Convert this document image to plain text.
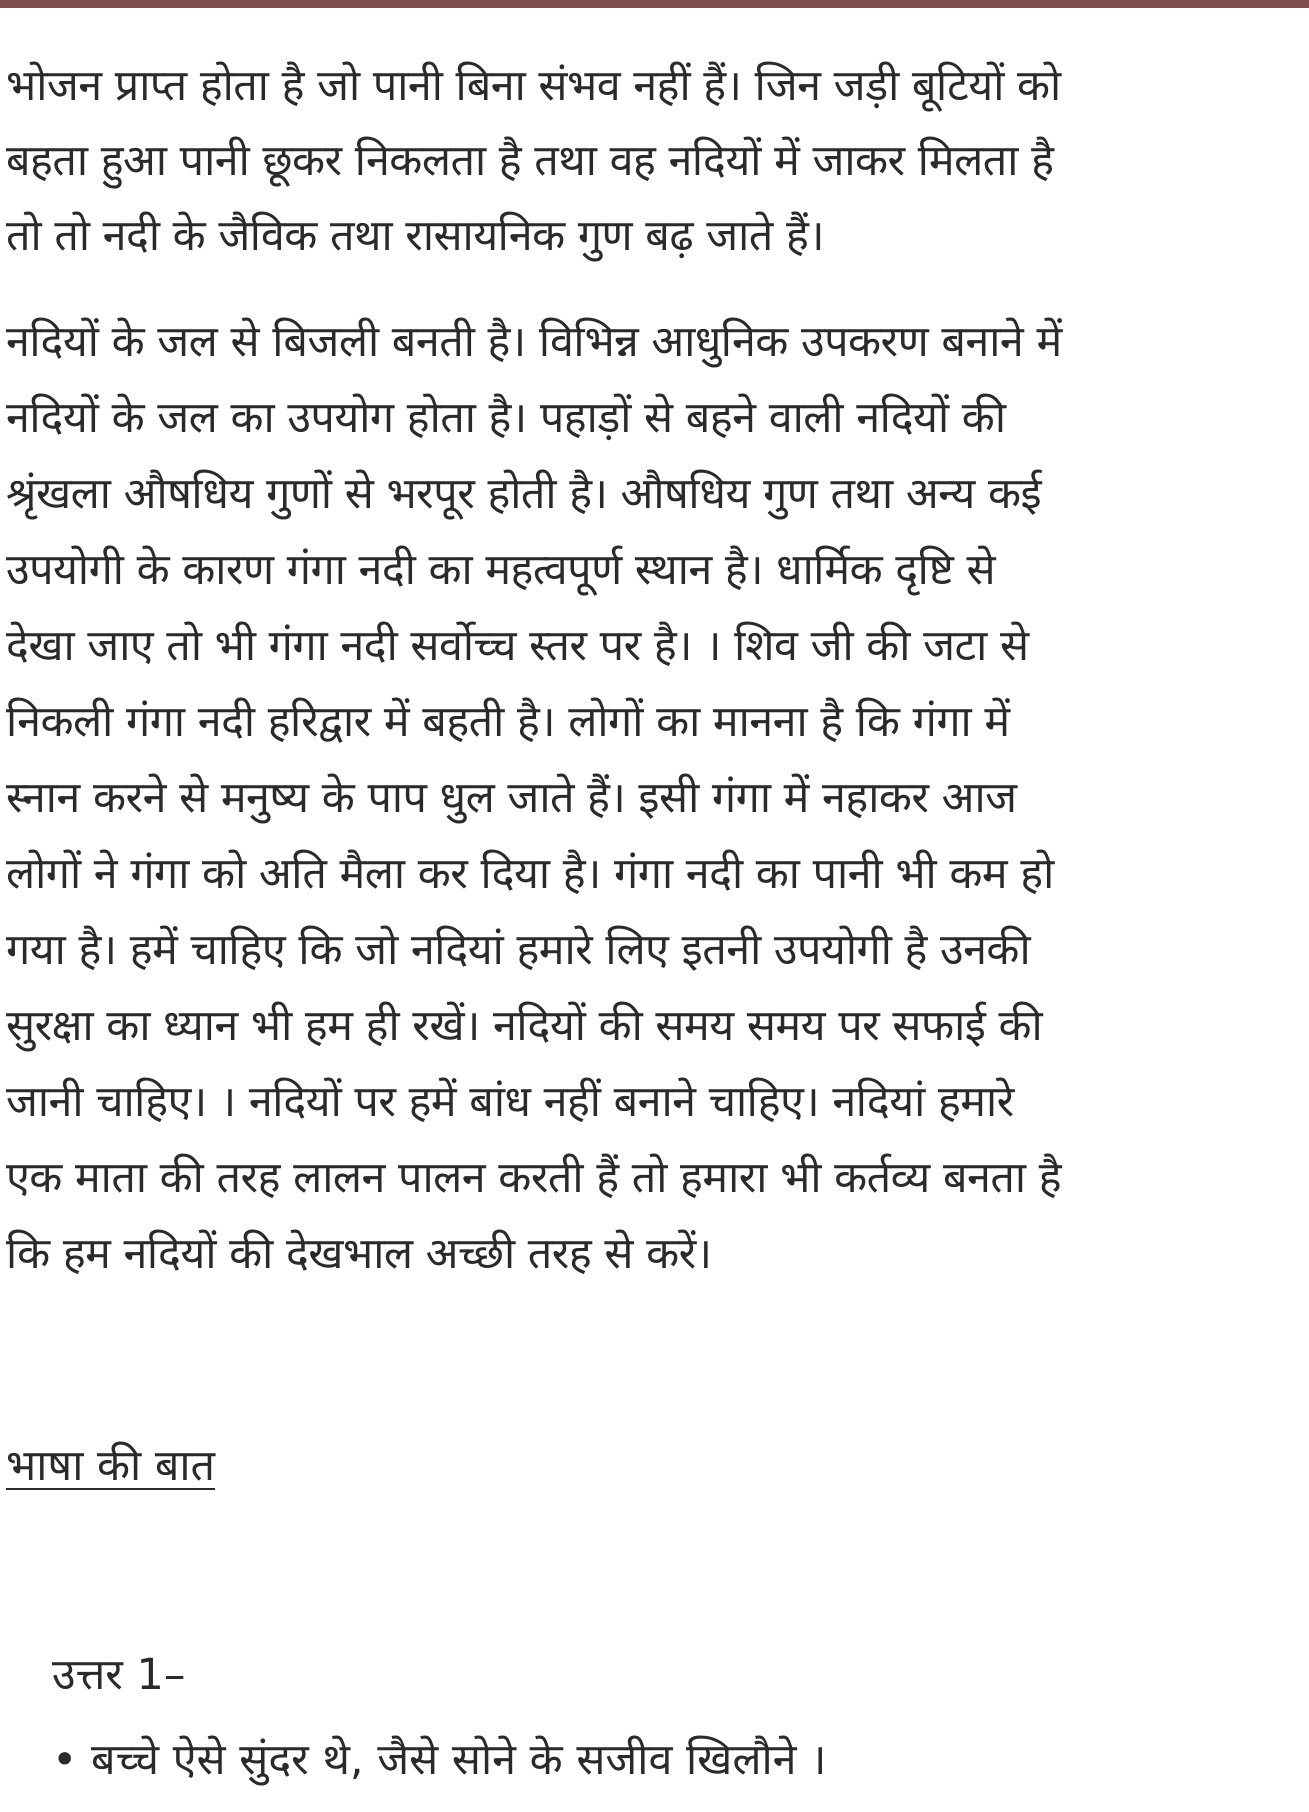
भोजन प्राप्त होता है जो पानी बिना संभव नहीं हैं। जिन जड़ी बूटियों को
बहता हुआ पानी छूकर निकलता है तथा वह नदियों में जाकर मिलता है
तो तो नदी के जैविक तथा रासायनिक गुण बढ़ जाते हैं।
नदियों के जल से बिजली बनती है। विभिन्न आधुनिक उपकरण बनाने में
नदियों के जल का उपयोग होता है। पहाड़ों से बहने वाली नदियों की
श्रृंखला औषधिय गुणों से भरपूर होती है। औषधिय गुण तथा अन्य कई
उपयोगी के कारण गंगा नदी का महत्वपूर्ण स्थान है। धार्मिक दृष्टि से
देखा जाए तो भी गंगा नदी सर्वोच्च स्तर पर है। । शिव जी की जटा से
निकली गंगा नदी हरिद्वार में बहती है। लोगों का मानना है कि गंगा में
स्नान करने से मनुष्य के पाप धुल जाते हैं। इसी गंगा में नहाकर आज
लोगों ने गंगा को अति मैला कर दिया है। गंगा नदी का पानी भी कम हो
गया है। हमें चाहिए कि जो नदियां हमारे लिए इतनी उपयोगी है उनकी
सुरक्षा का ध्यान भी हम ही रखें। नदियों की समय समय पर सफाई की
जानी चाहिए। । नदियों पर हमें बांध नहीं बनाने चाहिए। नदियां हमारे
एक माता की तरह लालन पालन करती हैं तो हमारा भी कर्तव्य बनता है
कि हम नदियों की देखभाल अच्छी तरह से करें।
भाषा की बात
उत्तर 1–
• बच्चे ऐसे सुंदर थे, जैसे सोने के सजीव खिलौने ।
